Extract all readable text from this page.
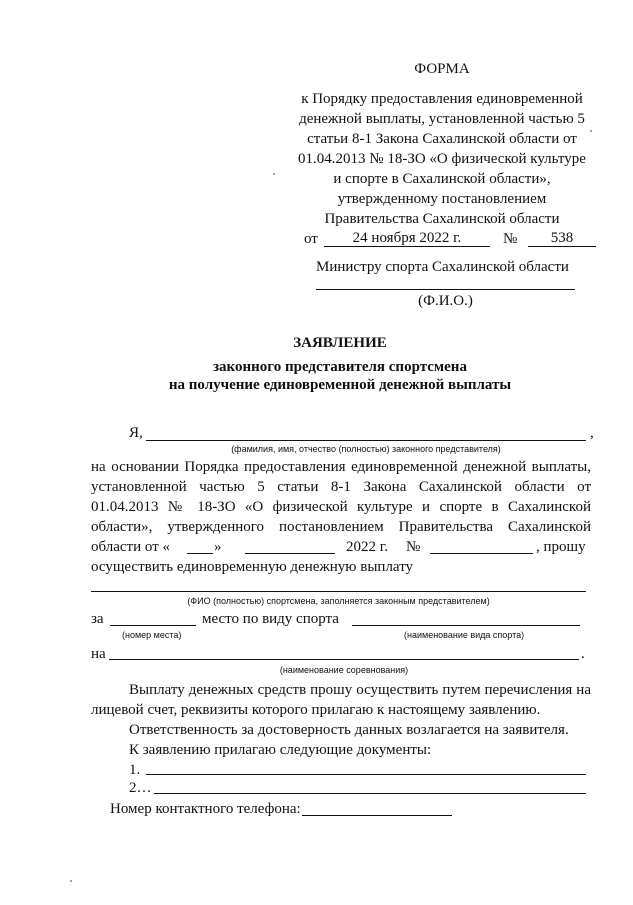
ФОРМА
к Порядку предоставления единовременной
денежной выплаты, установленной частью 5
статьи 8-1 Закона Сахалинской области от
01.04.2013 № 18-ЗО «О физической культуре
и спорте в Сахалинской области»,
утвержденному постановлением
Правительства Сахалинской области
от	24 ноября 2022 г.	№	538
Министру спорта Сахалинской области
(Ф.И.О.)
ЗАЯВЛЕНИЕ
законного представителя спортсмена
на получение единовременной денежной выплаты
Я,	,
(фамилия, имя, отчество (полностью) законного представителя)
на основании Порядка предоставления единовременной денежной выплаты,
установленной частью 5 статьи 8-1 Закона Сахалинской области от
01.04.2013 № 18-ЗО «О физической культуре и спорте в Сахалинской
области», утвержденного постановлением Правительства Сахалинской
области от «	»	2022 г. №	, прошу
осуществить единовременную денежную выплату
(ФИО (полностью) спортсмена, заполняется законным представителем)
за	место по виду спорта
(номер места)	(наименование вида спорта)
на	.
(наименование соревнования)
Выплату денежных средств прошу осуществить путем перечисления на
лицевой счет, реквизиты которого прилагаю к настоящему заявлению.
Ответственность за достоверность данных возлагается на заявителя.
К заявлению прилагаю следующие документы:
1.
2…
Номер контактного телефона:
